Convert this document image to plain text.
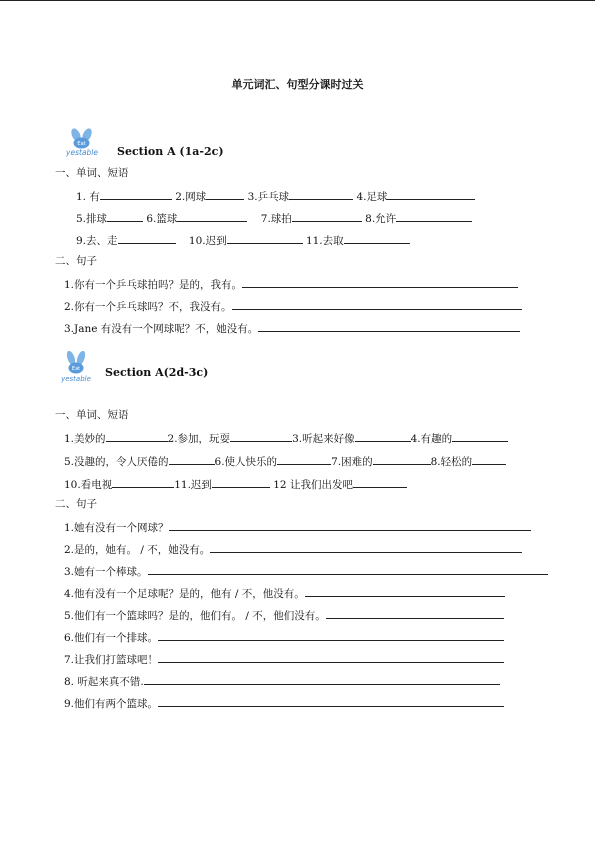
单元词汇、句型分课时过关
Eat
yestable Section A (1a-2c)
一、单词、短语
1. 有	2.网球	3.乒乓球	4.足球
5.排球	6.篮球	7.球拍	8.允许
9.去、走	10.迟到	11.去取
二、句子
1.你有一个乒乓球拍吗？是的，我有。
2.你有一个乒乓球吗？不，我没有。
3.Jane 有没有一个网球呢？不，她没有。
Eat
yestable Section A(2d-3c)
一、单词、短语
1.美妙的	2.参加，玩耍	3.听起来好像	4.有趣的
5.没趣的，令人厌倦的	6.使人快乐的	7.困难的	8.轻松的
10.看电视	11.迟到	12 让我们出发吧
二、句子
1.她有没有一个网球？
2.是的，她有。 / 不，她没有。
3.她有一个棒球。
4.他有没有一个足球呢？是的，他有 / 不，他没有。
5.他们有一个篮球吗？是的，他们有。 / 不，他们没有。
6.他们有一个排球。
7.让我们打篮球吧！
8. 听起来真不错.
9.他们有两个篮球。
